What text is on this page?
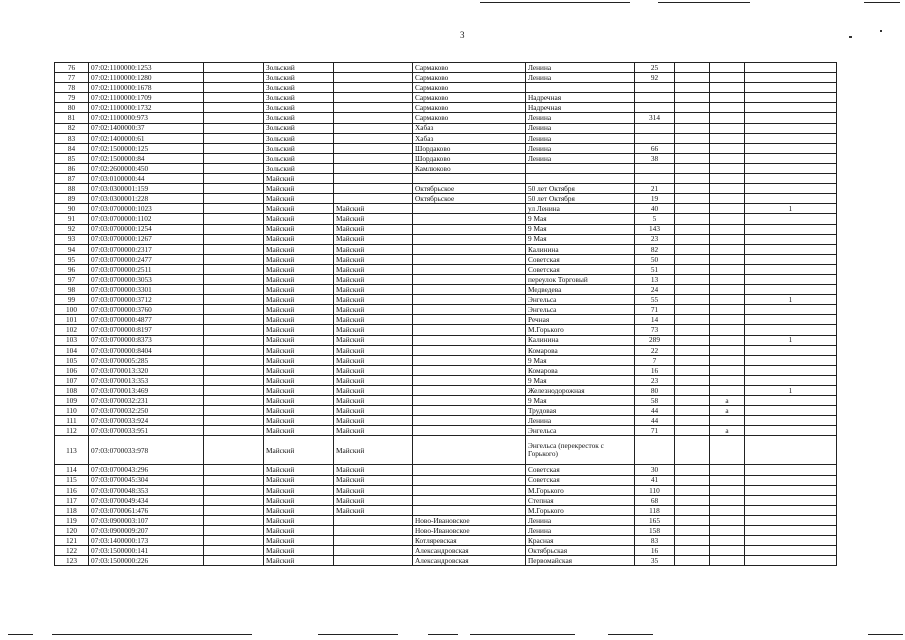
3
76	07:02:1100000:1253		Зольский		Сармаково	Ленина	25			
77	07:02:1100000:1280		Зольский		Сармаково	Ленина	92			
78	07:02:1100000:1678		Зольский		Сармаково					
79	07:02:1100000:1709		Зольский		Сармаково	Надречная				
80	07:02:1100000:1732		Зольский		Сармаково	Надречная				
81	07:02:1100000:973		Зольский		Сармаково	Ленина	314			
82	07:02:1400000:37		Зольский		Хабаз	Ленина				
83	07:02:1400000:61		Зольский		Хабаз	Ленина				
84	07:02:1500000:125		Зольский		Шордаково	Ленина	66			
85	07:02:1500000:84		Зольский		Шордаково	Ленина	38			
86	07:02:2600000:450		Зольский		Камлюково					
87	07:03:0100000:44		Майский							
88	07:03:0300001:159		Майский		Октябрьское	50 лет Октября	21			
89	07:03:0300001:228		Майский		Октябрьское	50 лет Октября	19			
90	07:03:0700000:1023		Майский	Майский		ул Ленина	40			1
91	07:03:0700000:1102		Майский	Майский		9 Мая	5			
92	07:03:0700000:1254		Майский	Майский		9 Мая	143			
93	07:03:0700000:1267		Майский	Майский		9 Мая	23			
94	07:03:0700000:2317		Майский	Майский		Калинина	82			
95	07:03:0700000:2477		Майский	Майский		Советская	50			
96	07:03:0700000:2511		Майский	Майский		Советская	51			
97	07:03:0700000:3053		Майский	Майский		переулок Торговый	13			
98	07:03:0700000:3301		Майский	Майский		Медведева	24			
99	07:03:0700000:3712		Майский	Майский		Энгельса	55			1
100	07:03:0700000:3760		Майский	Майский		Энгельса	71			
101	07:03:0700000:4877		Майский	Майский		Речная	14			
102	07:03:0700000:8197		Майский	Майский		М.Горького	73			
103	07:03:0700000:8373		Майский	Майский		Калинина	289			1
104	07:03:0700000:8404		Майский	Майский		Комарова	22			
105	07:03:0700005:285		Майский	Майский		9 Мая	7			
106	07:03:0700013:320		Майский	Майский		Комарова	16			
107	07:03:0700013:353		Майский	Майский		9 Мая	23			
108	07:03:0700013:469		Майский	Майский		Железнодорожная	80			1
109	07:03:0700032:231		Майский	Майский		9 Мая	58		а	
110	07:03:0700032:250		Майский	Майский		Трудовая	44		а	
111	07:03:0700033:924		Майский	Майский		Ленина	44			
112	07:03:0700033:951		Майский	Майский		Энгельса	71		а	
113	07:03:0700033:978		Майский	Майский		Энгельса (перекресток с Горького)				
114	07:03:0700043:296		Майский	Майский		Советская	30			
115	07:03:0700045:304		Майский	Майский		Советская	41			
116	07:03:0700048:353		Майский	Майский		М.Горького	110			
117	07:03:0700049:434		Майский	Майский		Степная	68			
118	07:03:0700061:476		Майский	Майский		М.Горького	118			
119	07:03:0900003:107		Майский		Ново-Ивановское	Ленина	165			
120	07:03:0900009:207		Майский		Ново-Ивановское	Ленина	158			
121	07:03:1400000:173		Майский		Котляревская	Красная	83			
122	07:03:1500000:141		Майский		Александровская	Октябрьская	16			
123	07:03:1500000:226		Майский		Александровская	Первомайская	35			
